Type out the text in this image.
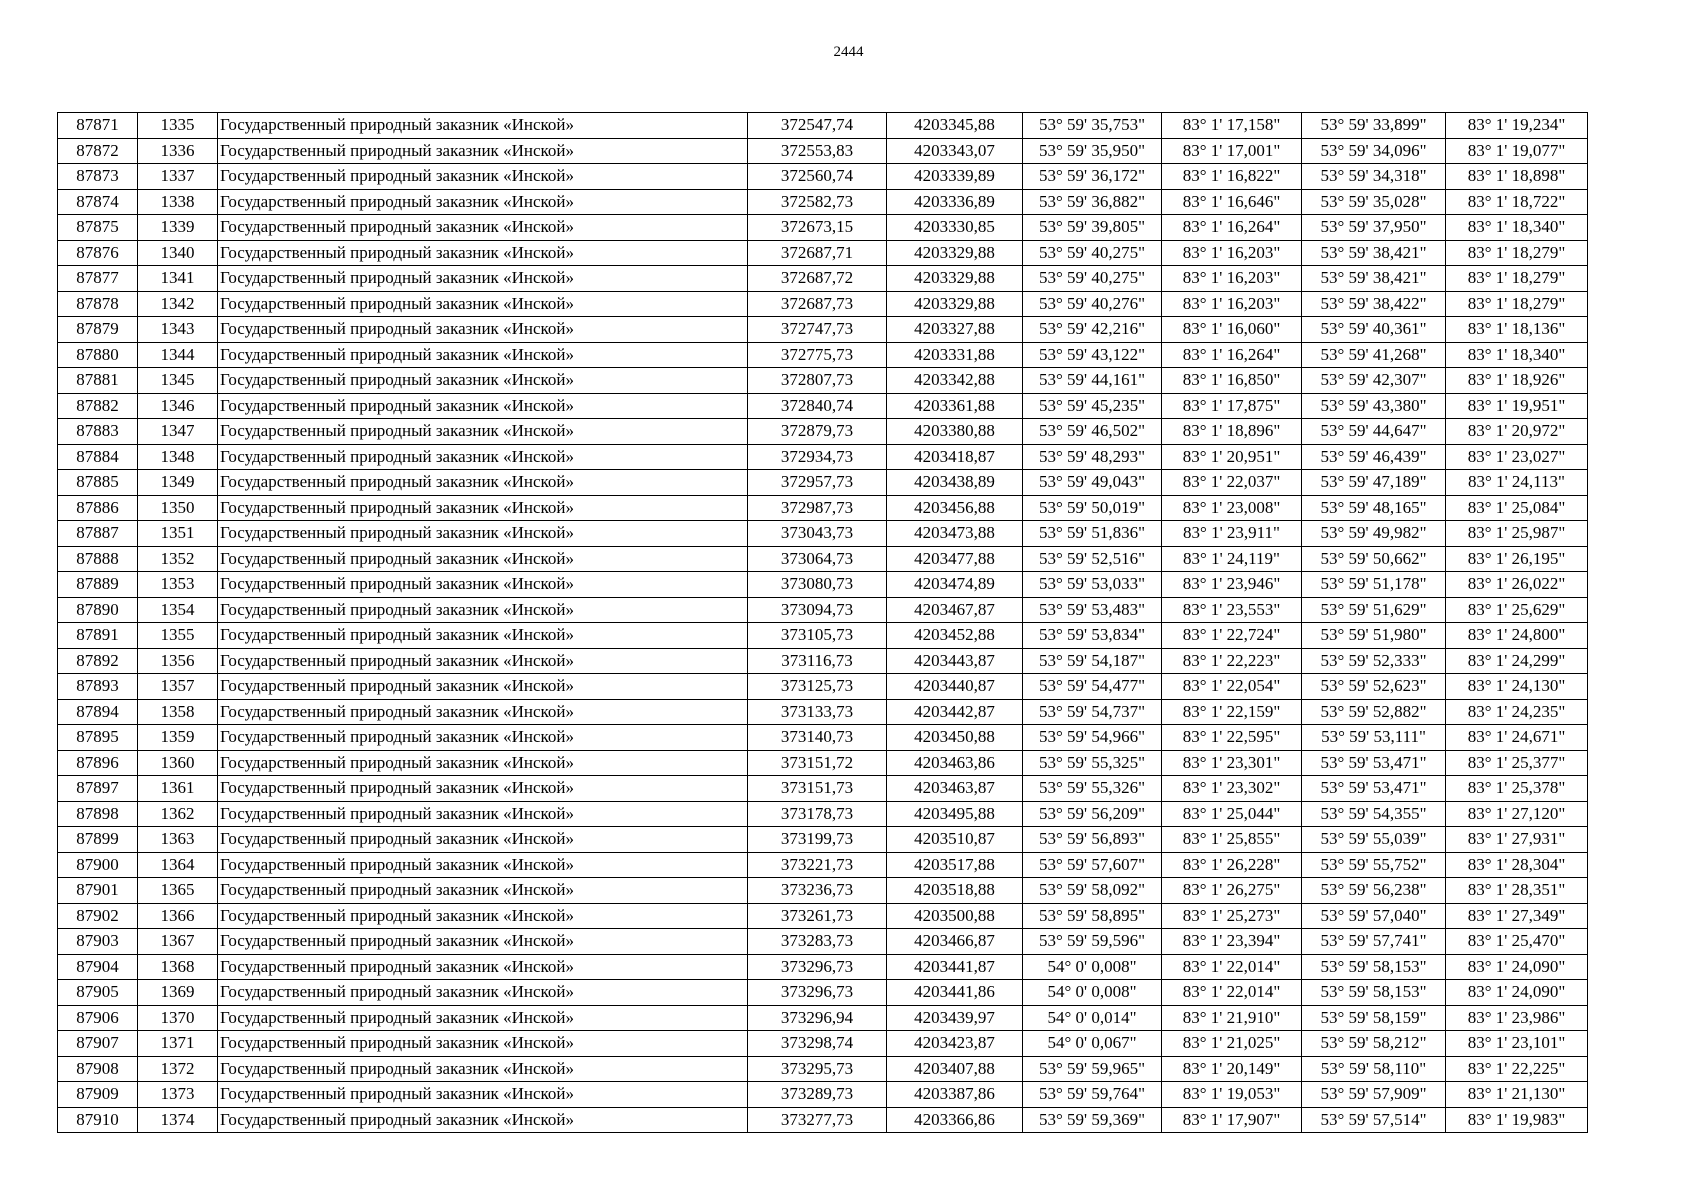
2444
87871	1335	Государственный природный заказник «Инской»	372547,74	4203345,88	53° 59' 35,753"	83° 1' 17,158"	53° 59' 33,899"	83° 1' 19,234"
87872	1336	Государственный природный заказник «Инской»	372553,83	4203343,07	53° 59' 35,950"	83° 1' 17,001"	53° 59' 34,096"	83° 1' 19,077"
87873	1337	Государственный природный заказник «Инской»	372560,74	4203339,89	53° 59' 36,172"	83° 1' 16,822"	53° 59' 34,318"	83° 1' 18,898"
87874	1338	Государственный природный заказник «Инской»	372582,73	4203336,89	53° 59' 36,882"	83° 1' 16,646"	53° 59' 35,028"	83° 1' 18,722"
87875	1339	Государственный природный заказник «Инской»	372673,15	4203330,85	53° 59' 39,805"	83° 1' 16,264"	53° 59' 37,950"	83° 1' 18,340"
87876	1340	Государственный природный заказник «Инской»	372687,71	4203329,88	53° 59' 40,275"	83° 1' 16,203"	53° 59' 38,421"	83° 1' 18,279"
87877	1341	Государственный природный заказник «Инской»	372687,72	4203329,88	53° 59' 40,275"	83° 1' 16,203"	53° 59' 38,421"	83° 1' 18,279"
87878	1342	Государственный природный заказник «Инской»	372687,73	4203329,88	53° 59' 40,276"	83° 1' 16,203"	53° 59' 38,422"	83° 1' 18,279"
87879	1343	Государственный природный заказник «Инской»	372747,73	4203327,88	53° 59' 42,216"	83° 1' 16,060"	53° 59' 40,361"	83° 1' 18,136"
87880	1344	Государственный природный заказник «Инской»	372775,73	4203331,88	53° 59' 43,122"	83° 1' 16,264"	53° 59' 41,268"	83° 1' 18,340"
87881	1345	Государственный природный заказник «Инской»	372807,73	4203342,88	53° 59' 44,161"	83° 1' 16,850"	53° 59' 42,307"	83° 1' 18,926"
87882	1346	Государственный природный заказник «Инской»	372840,74	4203361,88	53° 59' 45,235"	83° 1' 17,875"	53° 59' 43,380"	83° 1' 19,951"
87883	1347	Государственный природный заказник «Инской»	372879,73	4203380,88	53° 59' 46,502"	83° 1' 18,896"	53° 59' 44,647"	83° 1' 20,972"
87884	1348	Государственный природный заказник «Инской»	372934,73	4203418,87	53° 59' 48,293"	83° 1' 20,951"	53° 59' 46,439"	83° 1' 23,027"
87885	1349	Государственный природный заказник «Инской»	372957,73	4203438,89	53° 59' 49,043"	83° 1' 22,037"	53° 59' 47,189"	83° 1' 24,113"
87886	1350	Государственный природный заказник «Инской»	372987,73	4203456,88	53° 59' 50,019"	83° 1' 23,008"	53° 59' 48,165"	83° 1' 25,084"
87887	1351	Государственный природный заказник «Инской»	373043,73	4203473,88	53° 59' 51,836"	83° 1' 23,911"	53° 59' 49,982"	83° 1' 25,987"
87888	1352	Государственный природный заказник «Инской»	373064,73	4203477,88	53° 59' 52,516"	83° 1' 24,119"	53° 59' 50,662"	83° 1' 26,195"
87889	1353	Государственный природный заказник «Инской»	373080,73	4203474,89	53° 59' 53,033"	83° 1' 23,946"	53° 59' 51,178"	83° 1' 26,022"
87890	1354	Государственный природный заказник «Инской»	373094,73	4203467,87	53° 59' 53,483"	83° 1' 23,553"	53° 59' 51,629"	83° 1' 25,629"
87891	1355	Государственный природный заказник «Инской»	373105,73	4203452,88	53° 59' 53,834"	83° 1' 22,724"	53° 59' 51,980"	83° 1' 24,800"
87892	1356	Государственный природный заказник «Инской»	373116,73	4203443,87	53° 59' 54,187"	83° 1' 22,223"	53° 59' 52,333"	83° 1' 24,299"
87893	1357	Государственный природный заказник «Инской»	373125,73	4203440,87	53° 59' 54,477"	83° 1' 22,054"	53° 59' 52,623"	83° 1' 24,130"
87894	1358	Государственный природный заказник «Инской»	373133,73	4203442,87	53° 59' 54,737"	83° 1' 22,159"	53° 59' 52,882"	83° 1' 24,235"
87895	1359	Государственный природный заказник «Инской»	373140,73	4203450,88	53° 59' 54,966"	83° 1' 22,595"	53° 59' 53,111"	83° 1' 24,671"
87896	1360	Государственный природный заказник «Инской»	373151,72	4203463,86	53° 59' 55,325"	83° 1' 23,301"	53° 59' 53,471"	83° 1' 25,377"
87897	1361	Государственный природный заказник «Инской»	373151,73	4203463,87	53° 59' 55,326"	83° 1' 23,302"	53° 59' 53,471"	83° 1' 25,378"
87898	1362	Государственный природный заказник «Инской»	373178,73	4203495,88	53° 59' 56,209"	83° 1' 25,044"	53° 59' 54,355"	83° 1' 27,120"
87899	1363	Государственный природный заказник «Инской»	373199,73	4203510,87	53° 59' 56,893"	83° 1' 25,855"	53° 59' 55,039"	83° 1' 27,931"
87900	1364	Государственный природный заказник «Инской»	373221,73	4203517,88	53° 59' 57,607"	83° 1' 26,228"	53° 59' 55,752"	83° 1' 28,304"
87901	1365	Государственный природный заказник «Инской»	373236,73	4203518,88	53° 59' 58,092"	83° 1' 26,275"	53° 59' 56,238"	83° 1' 28,351"
87902	1366	Государственный природный заказник «Инской»	373261,73	4203500,88	53° 59' 58,895"	83° 1' 25,273"	53° 59' 57,040"	83° 1' 27,349"
87903	1367	Государственный природный заказник «Инской»	373283,73	4203466,87	53° 59' 59,596"	83° 1' 23,394"	53° 59' 57,741"	83° 1' 25,470"
87904	1368	Государственный природный заказник «Инской»	373296,73	4203441,87	54° 0' 0,008"	83° 1' 22,014"	53° 59' 58,153"	83° 1' 24,090"
87905	1369	Государственный природный заказник «Инской»	373296,73	4203441,86	54° 0' 0,008"	83° 1' 22,014"	53° 59' 58,153"	83° 1' 24,090"
87906	1370	Государственный природный заказник «Инской»	373296,94	4203439,97	54° 0' 0,014"	83° 1' 21,910"	53° 59' 58,159"	83° 1' 23,986"
87907	1371	Государственный природный заказник «Инской»	373298,74	4203423,87	54° 0' 0,067"	83° 1' 21,025"	53° 59' 58,212"	83° 1' 23,101"
87908	1372	Государственный природный заказник «Инской»	373295,73	4203407,88	53° 59' 59,965"	83° 1' 20,149"	53° 59' 58,110"	83° 1' 22,225"
87909	1373	Государственный природный заказник «Инской»	373289,73	4203387,86	53° 59' 59,764"	83° 1' 19,053"	53° 59' 57,909"	83° 1' 21,130"
87910	1374	Государственный природный заказник «Инской»	373277,73	4203366,86	53° 59' 59,369"	83° 1' 17,907"	53° 59' 57,514"	83° 1' 19,983"
